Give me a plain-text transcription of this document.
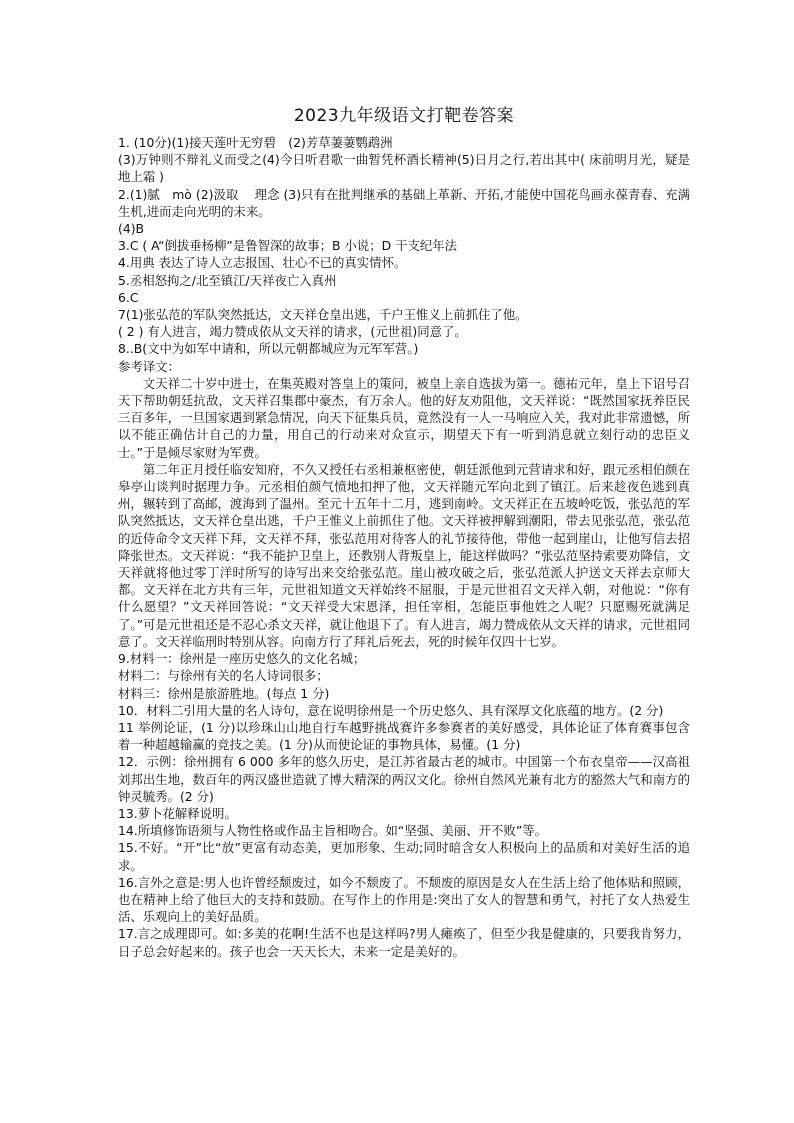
2023九年级语文打靶卷答案

1. (10分)(1)接天莲叶无穷碧　(2)芳草萋萋鹦鹉洲

(3)万钟则不辩礼义而受之(4)今日听君歌一曲暂凭杯酒长精神(5)日月之行,若出其中( 床前明月光，疑是地上霜 )

2.(1)腻　mò (2)汲取　 理念 (3)只有在批判继承的基础上革新、开拓,才能使中国花鸟画永葆青春、充满生机,进而走向光明的未来。

(4)B

3.C ( A“倒拔垂杨柳”是鲁智深的故事；B 小说；D 干支纪年法

4.用典 表达了诗人立志报国、壮心不已的真实情怀。

5.丞相怒拘之/北至镇江/天祥夜亡入真州

6.C

7(1)张弘范的军队突然抵达，文天祥仓皇出逃，千户王惟义上前抓住了他。

( 2 ) 有人进言，竭力赞成依从文天祥的请求，(元世祖)同意了。

8..B(文中为如军中请和，所以元朝都城应为元军军营。)

参考译文：

文天祥二十岁中进士，在集英殿对答皇上的策问，被皇上亲自选拔为第一。德祐元年，皇上下诏号召天下帮助朝廷抗敌，文天祥召集郡中豪杰，有万余人。他的好友劝阻他，文天祥说：“既然国家抚养臣民三百多年，一旦国家遇到紧急情况，向天下征集兵员，竟然没有一人一马响应入关，我对此非常遗憾，所以不能正确估计自己的力量，用自己的行动来对众宣示，期望天下有一听到消息就立刻行动的忠臣义士。”于是倾尽家财为军费。

第二年正月授任临安知府，不久又授任右丞相兼枢密使，朝廷派他到元营请求和好，跟元丞相伯颜在皋亭山谈判时据理力争。元丞相伯颜气愤地扣押了他，文天祥随元军向北到了镇江。后来趁夜色逃到真州，辗转到了高邮，渡海到了温州。至元十五年十二月，逃到南岭。文天祥正在五坡岭吃饭，张弘范的军队突然抵达，文天祥仓皇出逃，千户王惟义上前抓住了他。文天祥被押解到潮阳，带去见张弘范，张弘范的近侍命令文天祥下拜，文天祥不拜，张弘范用对待客人的礼节接待他，带他一起到崖山，让他写信去招降张世杰。文天祥说：“我不能护卫皇上，还教别人背叛皇上，能这样做吗？”张弘范坚持索要劝降信，文天祥就将他过零丁洋时所写的诗写出来交给张弘范。崖山被攻破之后，张弘范派人护送文天祥去京师大都。文天祥在北方共有三年，元世祖知道文天祥始终不屈服，于是元世祖召文天祥入朝，对他说：“你有什么愿望？”文天祥回答说：“文天祥受大宋恩泽，担任宰相，怎能臣事他姓之人呢？只愿赐死就满足了。”可是元世祖还是不忍心杀文天祥，就让他退下了。有人进言，竭力赞成依从文天祥的请求，元世祖同意了。文天祥临刑时特别从容。向南方行了拜礼后死去，死的时候年仅四十七岁。

9.材料一：徐州是一座历史悠久的文化名城；

材料二：与徐州有关的名人诗词很多；

材料三：徐州是旅游胜地。(每点 1 分)

10．材料二引用大量的名人诗句，意在说明徐州是一个历史悠久、具有深厚文化底蕴的地方。(2 分)

11 举例论证，(1 分)以珍珠山山地自行车越野挑战赛许多参赛者的美好感受，具体论证了体育赛事包含着一种超越输赢的竞技之美。(1 分)从而使论证的事物具体，易懂。(1 分)

12．示例：徐州拥有 6 000 多年的悠久历史，是江苏省最古老的城市。中国第一个布衣皇帝——汉高祖刘邦出生地，数百年的两汉盛世造就了博大精深的两汉文化。徐州自然风光兼有北方的豁然大气和南方的钟灵毓秀。(2 分)

13.萝卜花解释说明。

14.所填修饰语须与人物性格或作品主旨相吻合。如“坚强、美丽、开不败”等。

15.不好。“开”比“放”更富有动态美，更加形象、生动;同时暗含女人积极向上的品质和对美好生活的追求。

16.言外之意是:男人也许曾经颓废过，如今不颓废了。不颓废的原因是女人在生活上给了他体贴和照顾，也在精神上给了他巨大的支持和鼓励。在写作上的作用是:突出了女人的智慧和勇气，衬托了女人热爱生活、乐观向上的美好品质。

17.言之成理即可。如:多美的花啊!生活不也是这样吗?男人瘫痪了，但至少我是健康的，只要我肯努力，日子总会好起来的。孩子也会一天天长大，未来一定是美好的。
